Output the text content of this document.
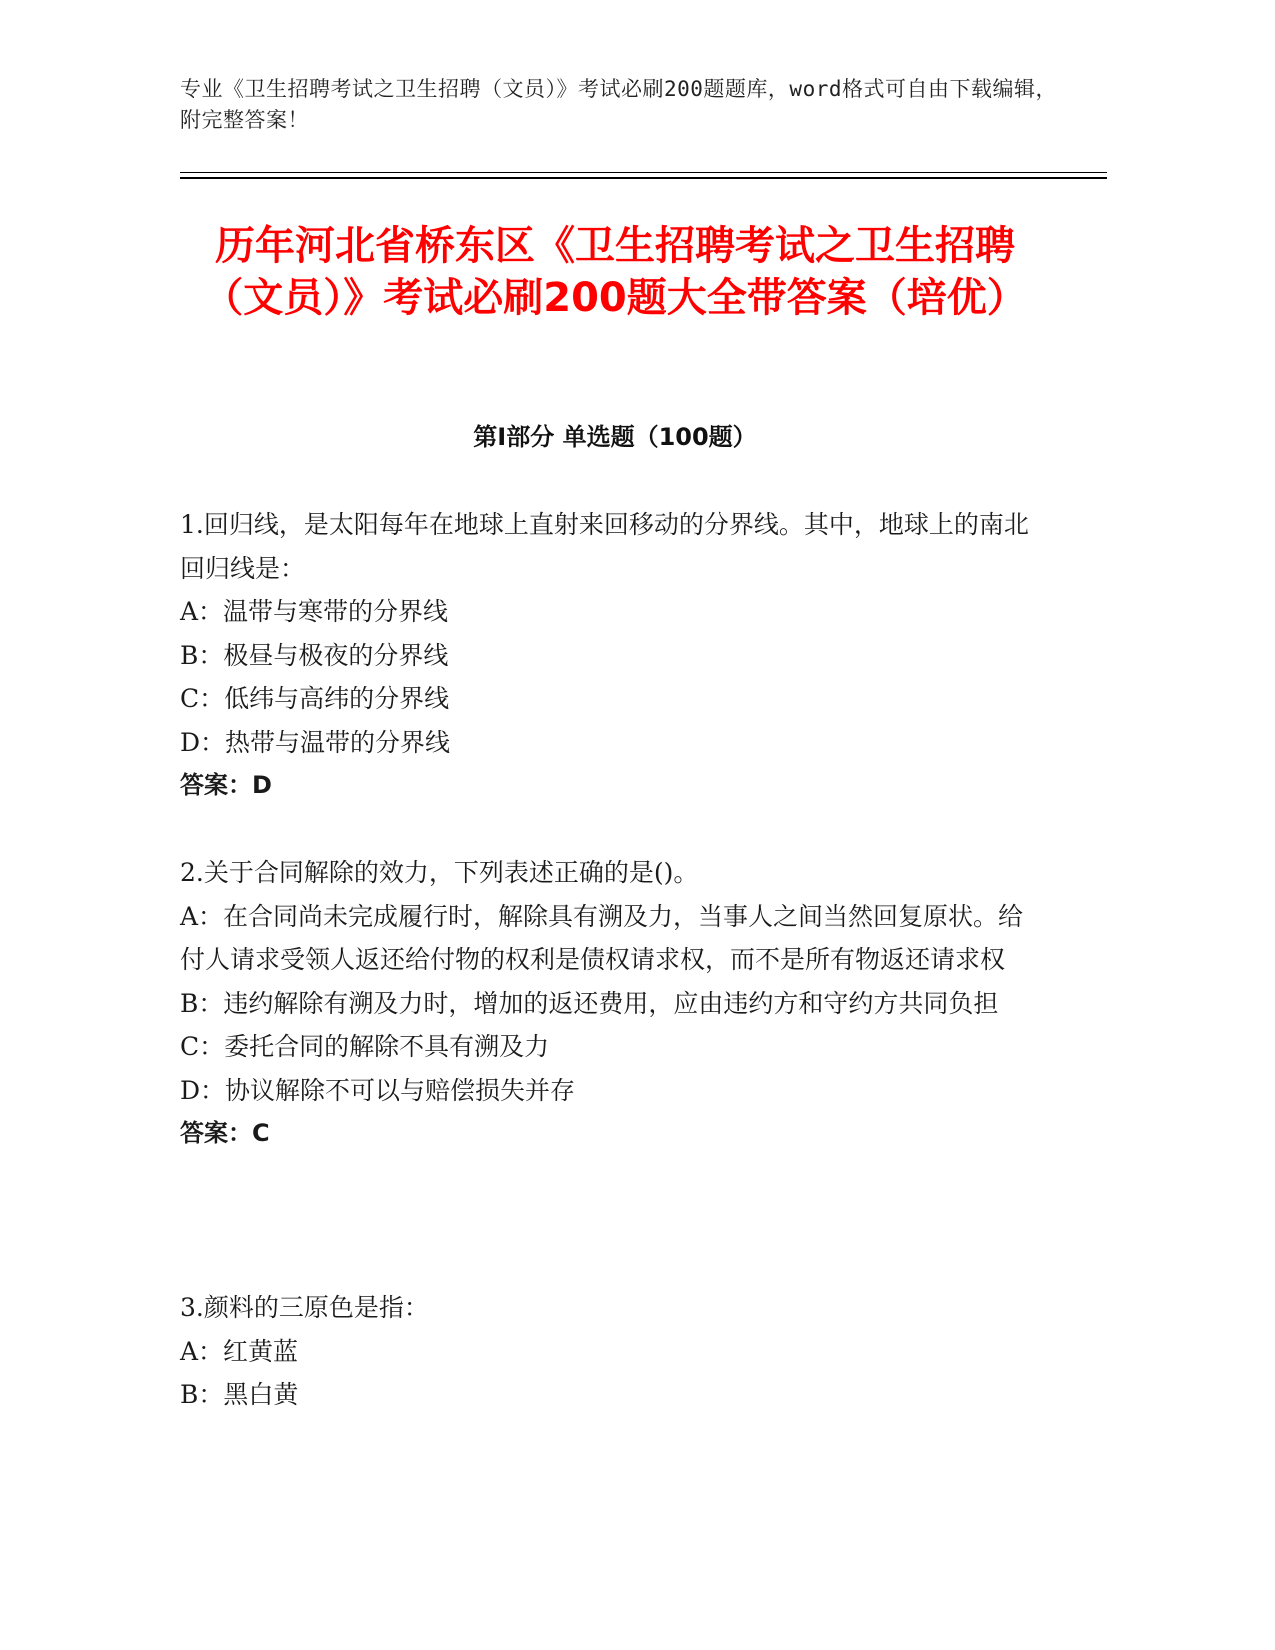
专业《卫生招聘考试之卫生招聘（文员）》考试必刷200题题库，word格式可自由下载编辑，附完整答案！
历年河北省桥东区《卫生招聘考试之卫生招聘（文员）》考试必刷200题大全带答案（培优）
第Ⅰ部分 单选题（100题）
1.回归线，是太阳每年在地球上直射来回移动的分界线。其中，地球上的南北回归线是：
A：温带与寒带的分界线
B：极昼与极夜的分界线
C：低纬与高纬的分界线
D：热带与温带的分界线
答案：D
2.关于合同解除的效力，下列表述正确的是()。
A：在合同尚未完成履行时，解除具有溯及力，当事人之间当然回复原状。给付人请求受领人返还给付物的权利是债权请求权，而不是所有物返还请求权
B：违约解除有溯及力时，增加的返还费用，应由违约方和守约方共同负担
C：委托合同的解除不具有溯及力
D：协议解除不可以与赔偿损失并存
答案：C
3.颜料的三原色是指：
A：红黄蓝
B：黑白黄
